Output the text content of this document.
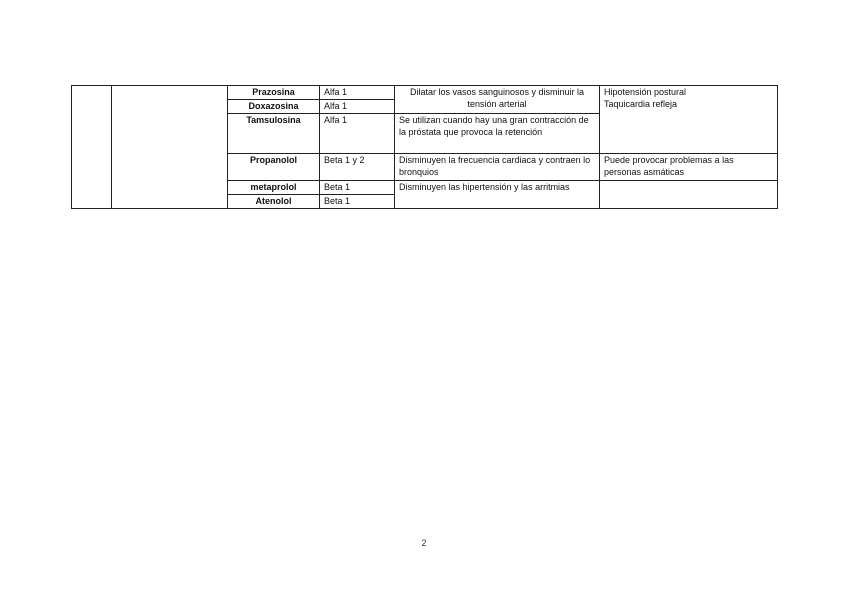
		Prazosina	Alfa 1	Dilatar los vasos sanguinosos y disminuir la tensión arterial	Hipotensión postural
Taquicardia refleja

		Doxazosina	Alfa 1		
		Tamsulosina	Alfa 1	Se utilizan cuando hay una gran contracción de la próstata que provoca la retención	
		Propanolol	Beta 1 y 2	Disminuyen la frecuencia cardiaca y contraen lo bronquios	Puede provocar problemas a las personas asmáticas
		metaprolol	Beta 1	Disminuyen las hipertensión y las arritmias	
		Atenolol	Beta 1		
2
